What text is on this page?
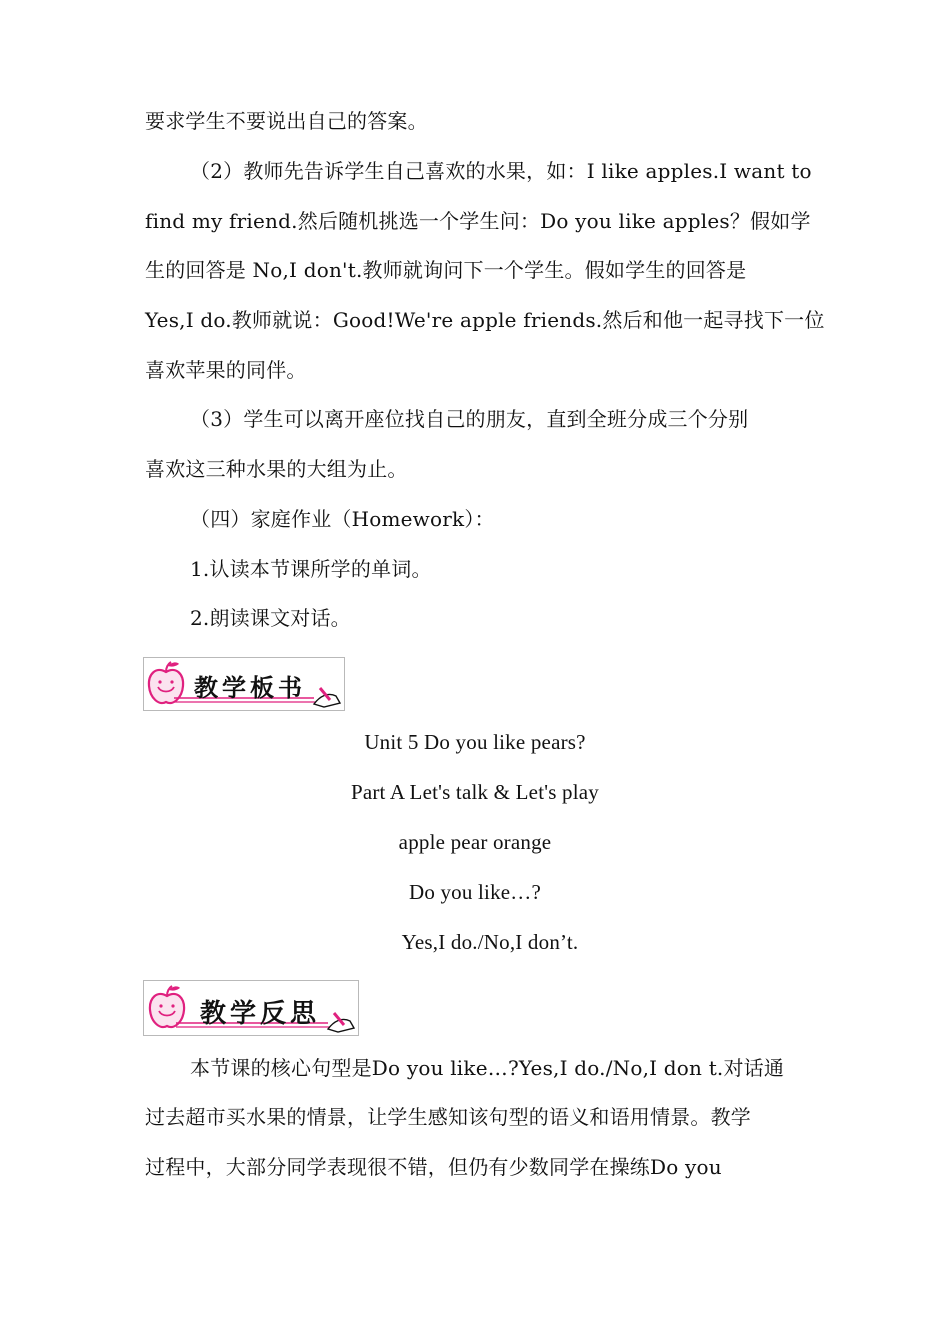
要求学生不要说出自己的答案。
（2）教师先告诉学生自己喜欢的水果，如：I like apples.I want to
find my friend.然后随机挑选一个学生问：Do you like apples？假如学
生的回答是 No,I don't.教师就询问下一个学生。假如学生的回答是
Yes,I do.教师就说：Good!We're apple friends.然后和他一起寻找下一位
喜欢苹果的同伴。
（3）学生可以离开座位找自己的朋友，直到全班分成三个分别
喜欢这三种水果的大组为止。
（四）家庭作业（Homework）：
1.认读本节课所学的单词。
2.朗读课文对话。
教学板书
Unit 5 Do you like pears?
Part A Let's talk & Let's play
apple pear orange
Do you like…?
Yes,I do./No,I don’t.
教学反思
本节课的核心句型是Do you like…?Yes,I do./No,I don t.对话通
过去超市买水果的情景，让学生感知该句型的语义和语用情景。教学
过程中，大部分同学表现很不错，但仍有少数同学在操练Do you
